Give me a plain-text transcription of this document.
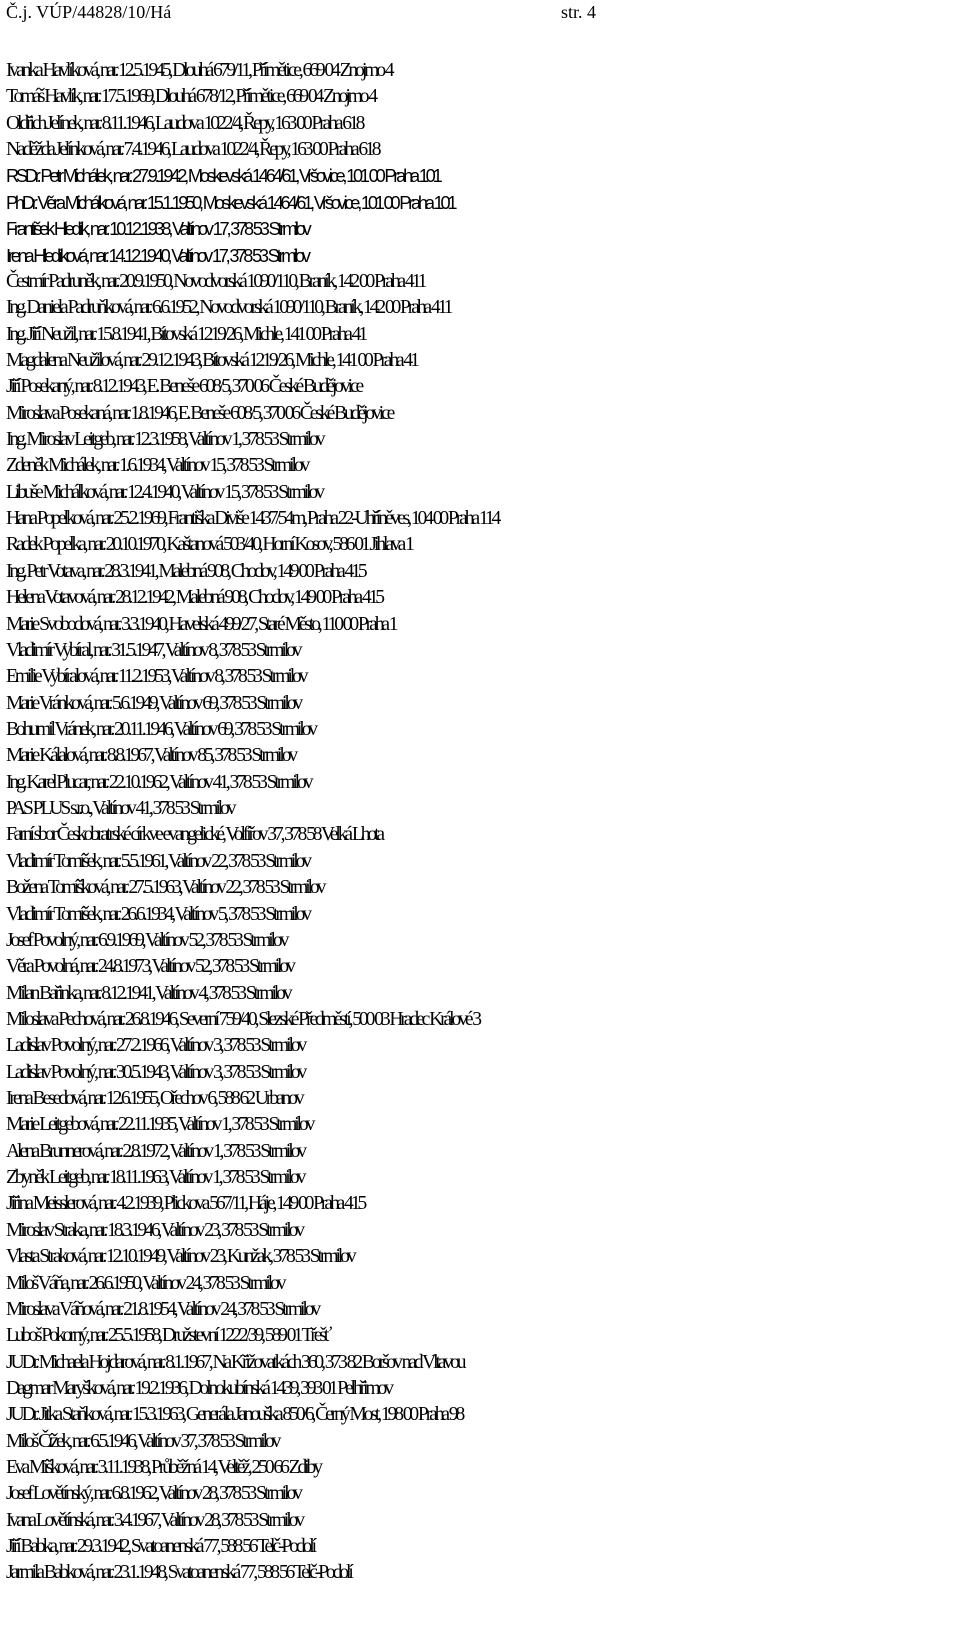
Č.j. VÚP/44828/10/Há	str. 4
Ivanka Havlíková, nar. 12.5.1945, Dlouhá 679/11, Přímětice, 669 04 Znojmo 4
Tomáš Havlík, nar. 17.5.1969, Dlouhá 678/12, Přímětice, 669 04 Znojmo 4
Oldřich Jelínek, nar. 8.11.1946, Laudova 1022/4, Řepy, 163 00 Praha 618
Naděžda Jelínková, nar. 7.4.1946, Laudova 1022/4, Řepy, 163 00 Praha 618
RSDr. Petr Michálek, nar. 27.9.1942, Moskevská 1464/61, Vršovice, 101 00 Praha 101
PhDr. Věra Michálková, nar. 15.1.1950, Moskevská 1464/61, Vršovice, 101 00 Praha 101
František Hledík, nar. 10.12.1938, Valtínov 17, 378 53 Strmilov
Irena Hledíková, nar. 14.12.1940, Valtínov 17, 378 53 Strmilov
Čestmír Padruněk, nar. 20.9.1950, Novodvorská 1090/110, Braník, 142 00 Praha 411
Ing. Daniela Padruňková, nar. 6.6.1952, Novodvorská 1090/110, Braník, 142 00 Praha 411
Ing. Jiří Neužil, nar. 15.8.1941, Bítovská 1219/26, Michle, 141 00 Praha 41
Magdalena Neužilová, nar. 29.12.1943, Bítovská 1219/26, Michle, 141 00 Praha 41
Jiří Posekaný, nar. 8.12.1943, E. Beneše 608/5, 370 06 České Budějovice
Miroslava Posekaná, nar. 1.8.1946, E. Beneše 608/5, 370 06 České Budějovice
Ing. Miroslav Leitgeb, nar. 12.3.1958, Valtínov 1, 378 53 Strmilov
Zdeněk Michálek, nar. 1.6.1934, Valtínov 15, 378 53 Strmilov
Libuše Michálková, nar. 12.4.1940, Valtínov 15, 378 53 Strmilov
Hana Popelková, nar. 25.2.1969, Františka Diviše 1437/54m, Praha 22-Uhříněves, 104 00 Praha 114
Radek Popelka, nar. 20.10.1970, Kaštanová 503/40, Horní Kosov, 586 01 Jihlava 1
Ing. Petr Votava, nar. 28.3.1941, Malebná 908, Chodov, 149 00 Praha 415
Helena Votavová, nar. 28.12.1942, Malebná 908, Chodov, 149 00 Praha 415
Marie Svobodová, nar. 3.3.1940, Havelská 499/27, Staré Město, 110 00 Praha 1
Vladimír Vybíral, nar. 31.5.1947, Valtínov 8, 378 53 Strmilov
Emilie Vybíralová, nar. 11.2.1953, Valtínov 8, 378 53 Strmilov
Marie Vránková, nar. 5.6.1949, Valtínov 69, 378 53 Strmilov
Bohumil Vránek, nar. 20.11.1946, Valtínov 69, 378 53 Strmilov
Marie Kálalová, nar. 8.8.1967, Valtínov 85, 378 53 Strmilov
Ing. Karel Plucar, nar. 22.10.1962, Valtínov 41, 378 53 Strmilov
PAS PLUS s.r.o., Valtínov 41, 378 53 Strmilov
Farní sbor Českobratrské církve evangelické, Volfířov 37, 378 58 Velká Lhota
Vladimír Tomíšek, nar. 5.5.1961, Valtínov 22, 378 53 Strmilov
Božena Tomíšková, nar. 27.5.1963, Valtínov 22, 378 53 Strmilov
Vladimír Tomíšek, nar. 26.6.1934, Valtínov 5, 378 53 Strmilov
Josef Povolný, nar. 6.9.1969, Valtínov 52, 378 53 Strmilov
Věra Povolná, nar. 24.8.1973, Valtínov 52, 378 53 Strmilov
Milan Bařinka, nar. 8.12.1941, Valtínov 4, 378 53 Strmilov
Miloslava Pechová, nar. 26.8.1946, Severní 759/40, Slezské Předměstí, 500 03 Hradec Králové 3
Ladislav Povolný, nar. 27.2.1966, Valtínov 3, 378 53 Strmilov
Ladislav Povolný, nar. 30.5.1943, Valtínov 3, 378 53 Strmilov
Irena Besedová, nar. 12.6.1955, Ořechov 6, 588 62 Urbanov
Marie Leitgebová, nar. 22.11.1935, Valtínov 1, 378 53 Strmilov
Alena Brunnerová, nar. 2.8.1972, Valtínov 1, 378 53 Strmilov
Zbyněk Leitgeb, nar. 18.11.1963, Valtínov 1, 378 53 Strmilov
Jiřina Meisslerová, nar. 4.2.1939, Plickova 567/11, Háje, 149 00 Praha 415
Miroslav Straka, nar. 18.3.1946, Valtínov 23, 378 53 Strmilov
Vlasta Straková, nar. 12.10.1949, Valtínov 23, Kunžak, 378 53 Strmilov
Miloš Váňa, nar. 26.6.1950, Valtínov 24, 378 53 Strmilov
Miroslava Váňová, nar. 21.8.1954, Valtínov 24, 378 53 Strmilov
Luboš Pokorný, nar. 25.5.1958, Družstevní 1222/39, 589 01 Třešť
JUDr. Michaela Hojdarová, nar. 8.1.1967, Na Křižovatkách 360, 373 82 Boršov nad Vltavou
Dagmar Maryšková, nar. 19.2.1936, Dolnokubínská 1439, 393 01 Pelhřimov
JUDr. Jitka Staňková, nar. 15.3.1963, Generála Janouška 850/6, Černý Most, 198 00 Praha 98
Miloš Čížek, nar. 6.5.1946, Valtínov 37, 378 53 Strmilov
Eva Míšková, nar. 3.11.1938, Průběžná 14, Veltěž, 250 66 Zdiby
Josef Lovětínský, nar. 6.8.1962, Valtínov 28, 378 53 Strmilov
Ivana Lovětínská, nar. 3.4.1967, Valtínov 28, 378 53 Strmilov
Jiří Babka, nar. 29.3.1942, Svatoanenská 77, 588 56 Telč-Podolí
Jarmila Babková, nar. 23.1.1948, Svatoanenská 77, 588 56 Telč-Podolí
